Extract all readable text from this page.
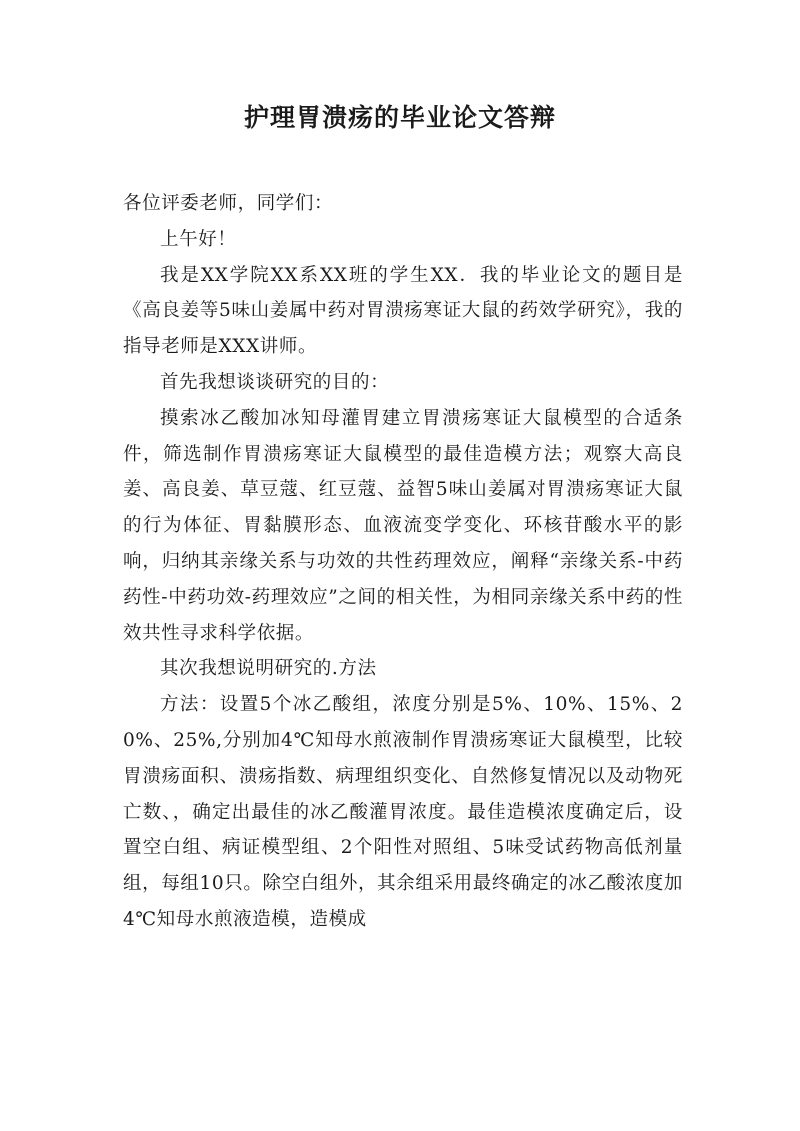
护理胃溃疡的毕业论文答辩

各位评委老师，同学们：

上午好！

我是XX学院XX系XX班的学生XX．我的毕业论文的题目是《高良姜等5味山姜属中药对胃溃疡寒证大鼠的药效学研究》，我的指导老师是XXX讲师。

首先我想谈谈研究的目的：

摸索冰乙酸加冰知母灌胃建立胃溃疡寒证大鼠模型的合适条件，筛选制作胃溃疡寒证大鼠模型的最佳造模方法；观察大高良姜、高良姜、草豆蔻、红豆蔻、益智5味山姜属对胃溃疡寒证大鼠的行为体征、胃黏膜形态、血液流变学变化、环核苷酸水平的影响，归纳其亲缘关系与功效的共性药理效应，阐释“亲缘关系-中药药性-中药功效-药理效应”之间的相关性，为相同亲缘关系中药的性效共性寻求科学依据。

其次我想说明研究的.方法

方法：设置5个冰乙酸组，浓度分别是5%、10%、15%、20%、25%,分别加4℃知母水煎液制作胃溃疡寒证大鼠模型，比较胃溃疡面积、溃疡指数、病理组织变化、自然修复情况以及动物死亡数、，确定出最佳的冰乙酸灌胃浓度。最佳造模浓度确定后，设置空白组、病证模型组、2个阳性对照组、5味受试药物高低剂量组，每组10只。除空白组外，其余组采用最终确定的冰乙酸浓度加4℃知母水煎液造模，造模成
